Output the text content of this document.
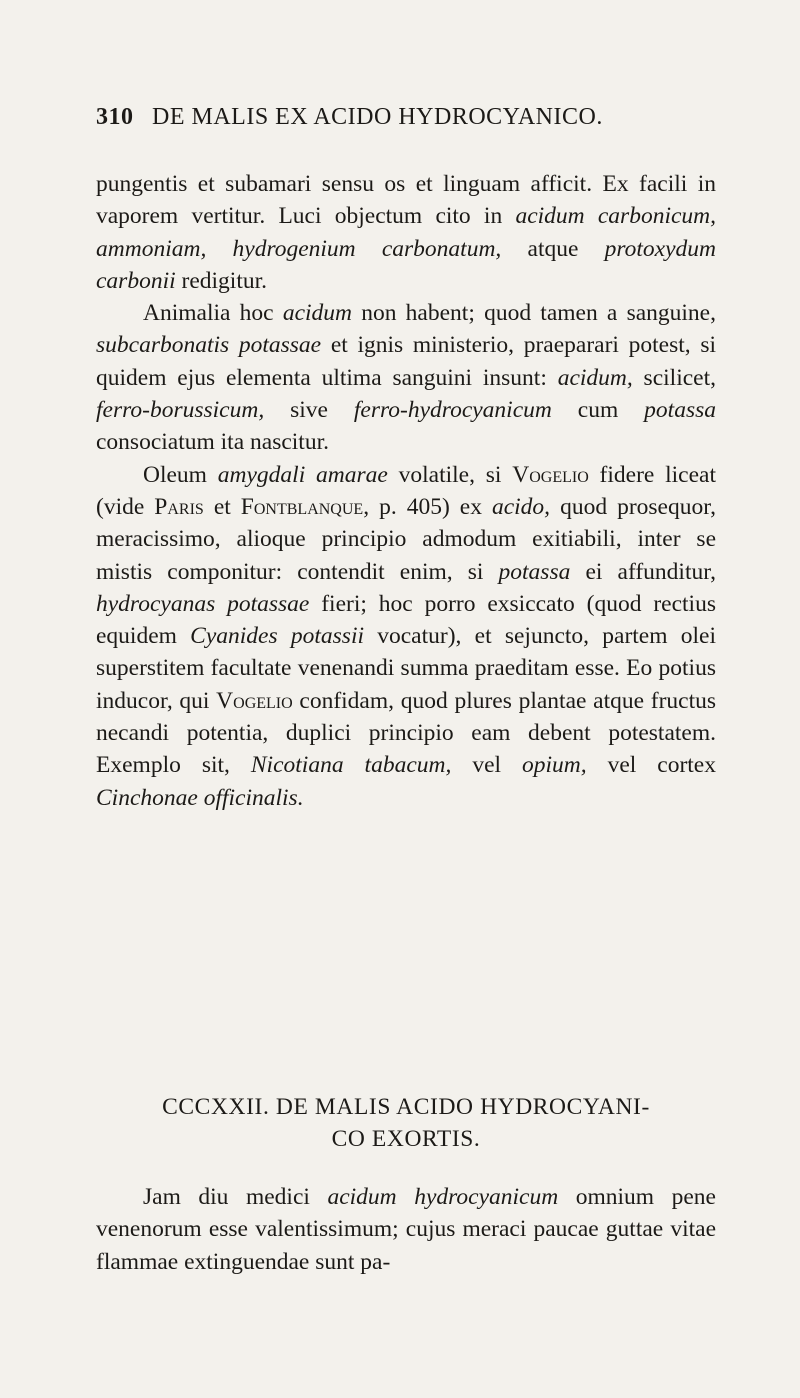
310 DE MALIS EX ACIDO HYDROCYANICO.

pungentis et subamari sensu os et linguam afficit. Ex facili in vaporem vertitur. Luci objectum cito in acidum carbonicum, ammoniam, hydrogenium carbonatum, atque protoxydum carbonii redigitur.

Animalia hoc acidum non habent; quod tamen a sanguine, subcarbonatis potassae et ignis ministerio, praeparari potest, si quidem ejus elementa ultima sanguini insunt: acidum, scilicet, ferro-borussicum, sive ferro-hydrocyanicum cum potassa consociatum ita nascitur.

Oleum amygdali amarae volatile, si Vogelio fidere liceat (vide Paris et Fontblanque, p. 405) ex acido, quod prosequor, meracissimo, alioque principio admodum exitiabili, inter se mistis componitur: contendit enim, si potassa ei affunditur, hydrocyanas potassae fieri; hoc porro exsiccato (quod rectius equidem Cyanides potassii vocatur), et sejuncto, partem olei superstitem facultate venenandi summa praeditam esse. Eo potius inducor, qui Vogelio confidam, quod plures plantae atque fructus necandi potentia, duplici principio eam debent potestatem. Exemplo sit, Nicotiana tabacum, vel opium, vel cortex Cinchonae officinalis.

CCCXXII. DE MALIS ACIDO HYDROCYANI-
CO EXORTIS.

Jam diu medici acidum hydrocyanicum omnium pene venenorum esse valentissimum; cujus meraci paucae guttae vitae flammae extinguendae sunt pa-
